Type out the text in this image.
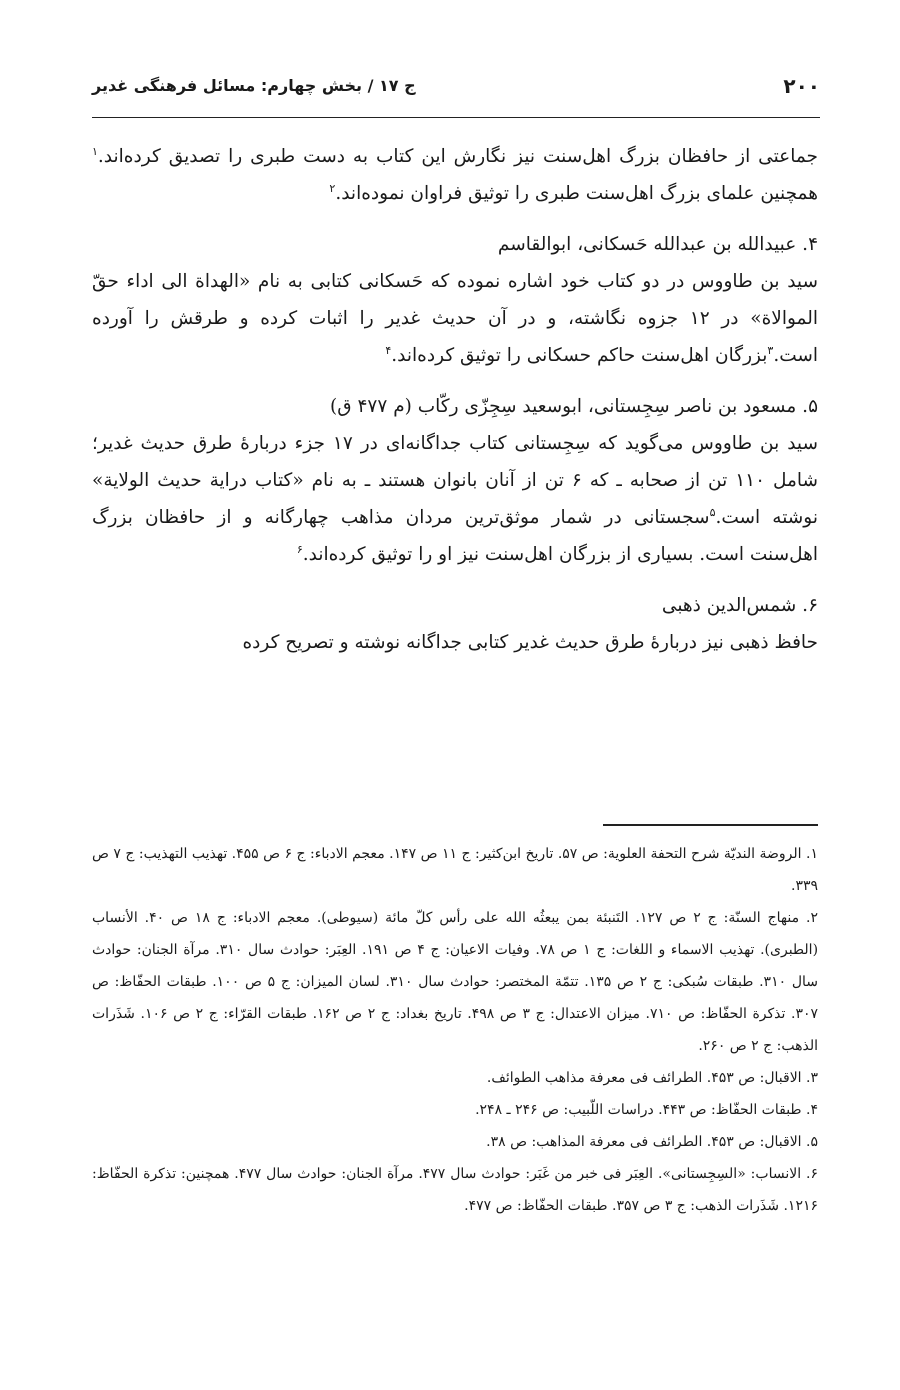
۲۰۰
ج ۱۷ / بخش چهارم: مسائل فرهنگی غدیر

جماعتی از حافظان بزرگ اهل‌سنت نیز نگارش این کتاب به دست طبری را تصدیق کرده‌اند.$^۱$ همچنین علمای بزرگ اهل‌سنت طبری را توثیق فراوان نموده‌اند.$^۲$

۴. عبیدالله بن عبدالله حَسکانی، ابوالقاسم

سید بن طاووس در دو کتاب خود اشاره نموده که حَسکانی کتابی به نام «الهداة الی اداء حقّ الموالاة» در ۱۲ جزوه نگاشته، و در آن حدیث غدیر را اثبات کرده و طرقش را آورده است.$^۳$بزرگان اهل‌سنت حاکم حسکانی را توثیق کرده‌اند.$^۴$

۵. مسعود بن ناصر سِجِستانی، ابوسعید سِجِزّی رکّاب (م ۴۷۷ ق)

سید بن طاووس می‌گوید که سِجِستانی کتاب جداگانه‌ای در ۱۷ جزء دربارۀ طرق حدیث غدیر؛ شامل ۱۱۰ تن از صحابه ـ که ۶ تن از آنان بانوان هستند ـ به نام «کتاب درایة حدیث الولایة» نوشته است.$^۵$سجستانی در شمار موثق‌ترین مردان مذاهب چهارگانه و از حافظان بزرگ اهل‌سنت است. بسیاری از بزرگان اهل‌سنت نیز او را توثیق کرده‌اند.$^۶$

۶. شمس‌الدین ذهبی

حافظ ذهبی نیز دربارۀ طرق حدیث غدیر کتابی جداگانه نوشته و تصریح کرده

۱. الروضة الندیّة شرح التحفة العلویة: ص ۵۷. تاریخ ابن‌کثیر: ج ۱۱ ص ۱۴۷. معجم الادباء: ج ۶ ص ۴۵۵. تهذیب التهذیب: ج ۷ ص ۳۳۹.

۲. منهاج السنّة: ج ۲ ص ۱۲۷. التَنبئة بمن یبعثُه الله علی رأس کلّ مائة (سیوطی). معجم الادباء: ج ۱۸ ص ۴۰. الأنساب (الطبری). تهذیب الاسماء و اللغات: ج ۱ ص ۷۸. وفیات الاعیان: ج ۴ ص ۱۹۱. العِبَر: حوادث سال ۳۱۰. مرآة الجنان: حوادث سال ۳۱۰. طبقات سُبکی: ج ۲ ص ۱۳۵. تتمّة المختصر: حوادث سال ۳۱۰. لسان المیزان: ج ۵ ص ۱۰۰. طبقات الحفّاظ: ص ۳۰۷. تذکرة الحفّاظ: ص ۷۱۰. میزان الاعتدال: ج ۳ ص ۴۹۸. تاریخ بغداد: ج ۲ ص ۱۶۲. طبقات القرّاء: ج ۲ ص ۱۰۶. شَذَرات الذهب: ج ۲ ص ۲۶۰.

۳. الاقبال: ص ۴۵۳. الطرائف فی معرفة مذاهب الطوائف.

۴. طبقات الحفّاظ: ص ۴۴۳. دراسات اللّبیب: ص ۲۴۶ ـ ۲۴۸.

۵. الاقبال: ص ۴۵۳. الطرائف فی معرفة المذاهب: ص ۳۸.

۶. الانساب: «السِجِستانی». العِبَر فی خبر من غَبَر: حوادث سال ۴۷۷. مرآة الجنان: حوادث سال ۴۷۷. همچنین: تذکرة الحفّاظ: ۱۲۱۶. شَذَرات الذهب: ج ۳ ص ۳۵۷. طبقات الحفّاظ: ص ۴۷۷.
